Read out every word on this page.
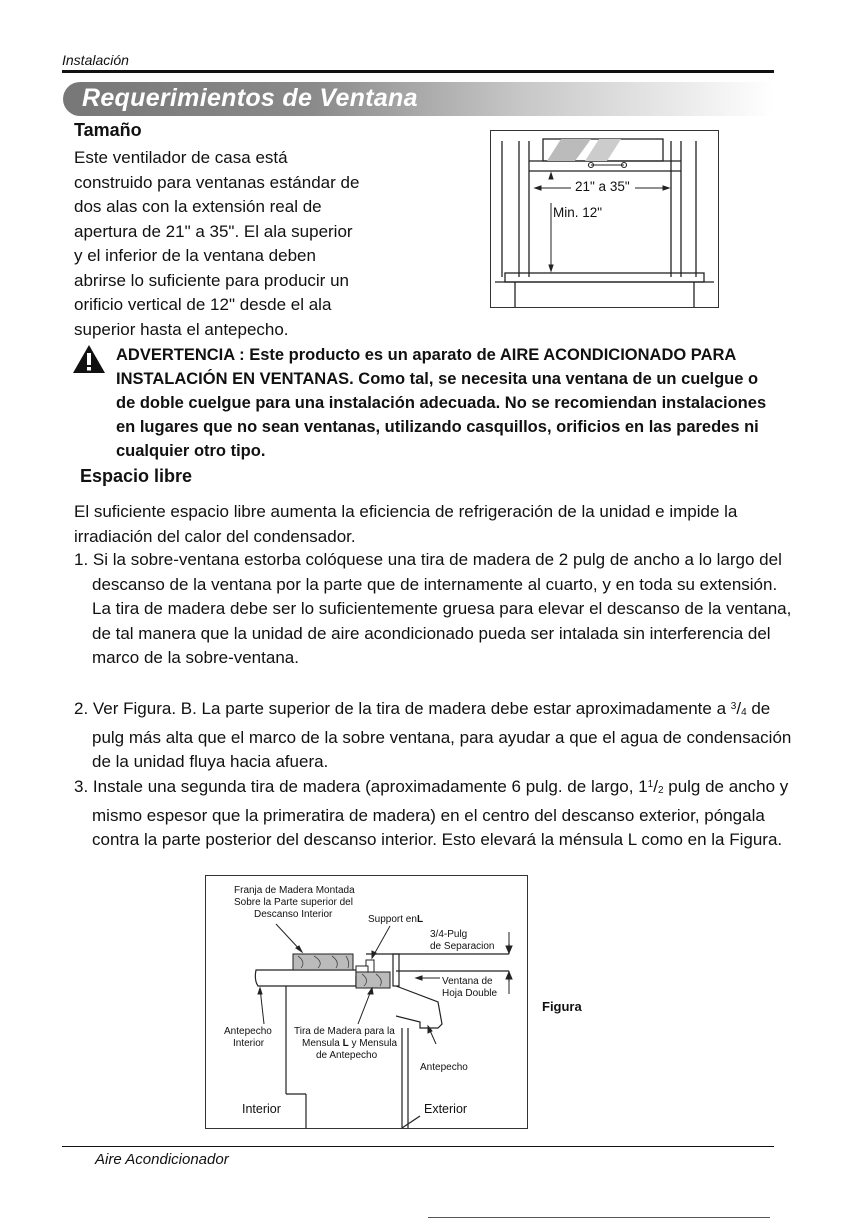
Instalación
Requerimientos de Ventana
Tamaño
Este ventilador de casa está
construido para ventanas estándar de
dos alas con la extensión real de
apertura de 21" a 35". El ala superior
y el inferior de la ventana deben
abrirse lo suficiente para producir un
orificio vertical de 12" desde el ala
superior hasta el antepecho.
21" a 35"
Min. 12"
ADVERTENCIA : Este producto es un aparato de AIRE ACONDICIONADO PARA INSTALACIÓN EN VENTANAS. Como tal, se necesita una ventana de un cuelgue o de doble cuelgue para una instalación adecuada. No se recomiendan instalaciones en lugares que no sean ventanas, utilizando casquillos, orificios en las paredes ni cualquier otro tipo.
Espacio libre
El suficiente espacio libre aumenta la eficiencia de refrigeración de la unidad e impide la irradiación del calor del condensador.
1. Si la sobre-ventana estorba colóquese una tira de madera de 2 pulg de ancho a lo largo del descanso de la ventana por la parte que de internamente al cuarto, y en toda su extensión. La tira de madera debe ser lo suficientemente gruesa para elevar el descanso de la ventana, de tal manera que la unidad de aire acondicionado pueda ser intalada sin interferencia del marco de la sobre-ventana.
2. Ver Figura. B. La parte superior de la tira de madera debe estar aproximadamente a $^3/_4$ de pulg más alta que el marco de la sobre ventana, para ayudar a que el agua de condensación de la unidad fluya hacia afuera.
3. Instale una segunda tira de madera (aproximadamente 6 pulg. de largo, $1^1/_2$ pulg de ancho y mismo espesor que la primeratira de madera) en el centro del descanso exterior, póngala contra la parte posterior del descanso interior. Esto elevará la ménsula L como en la Figura.
Franja de Madera Montada
Sobre la Parte superior del
Descanso Interior	Support enL
3/4-Pulg
de Separacion
Ventana de
Hoja Double
Antepecho
Interior
Tira de Madera para la
Mensula L y Mensula
de Antepecho
Antepecho
Interior	Exterior
Figura
Aire Acondicionador
